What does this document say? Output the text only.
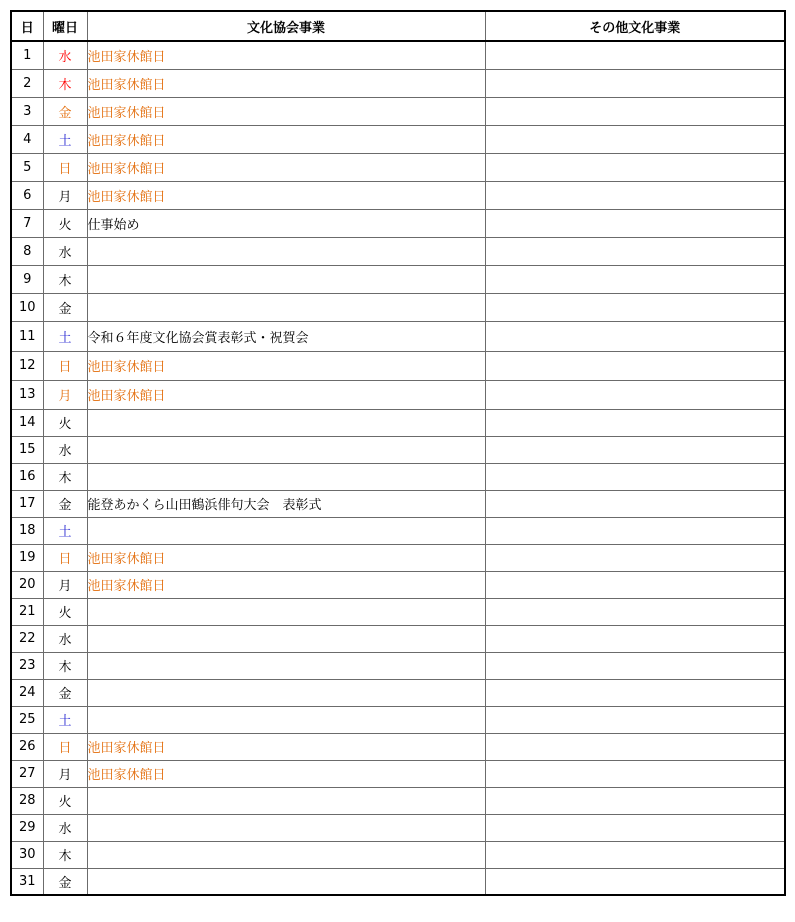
日	曜日	文化協会事業	その他文化事業
1	水	池田家休館日	
2	木	池田家休館日	
3	金	池田家休館日	
4	土	池田家休館日	
5	日	池田家休館日	
6	月	池田家休館日	
7	火	仕事始め	
8	水		
9	木		
10	金		
11	土	令和６年度文化協会賞表彰式・祝賀会	
12	日	池田家休館日	
13	月	池田家休館日	
14	火		
15	水		
16	木		
17	金	能登あかくら山田鶴浜俳句大会　表彰式	
18	土		
19	日	池田家休館日	
20	月	池田家休館日	
21	火		
22	水		
23	木		
24	金		
25	土		
26	日	池田家休館日	
27	月	池田家休館日	
28	火		
29	水		
30	木		
31	金		
